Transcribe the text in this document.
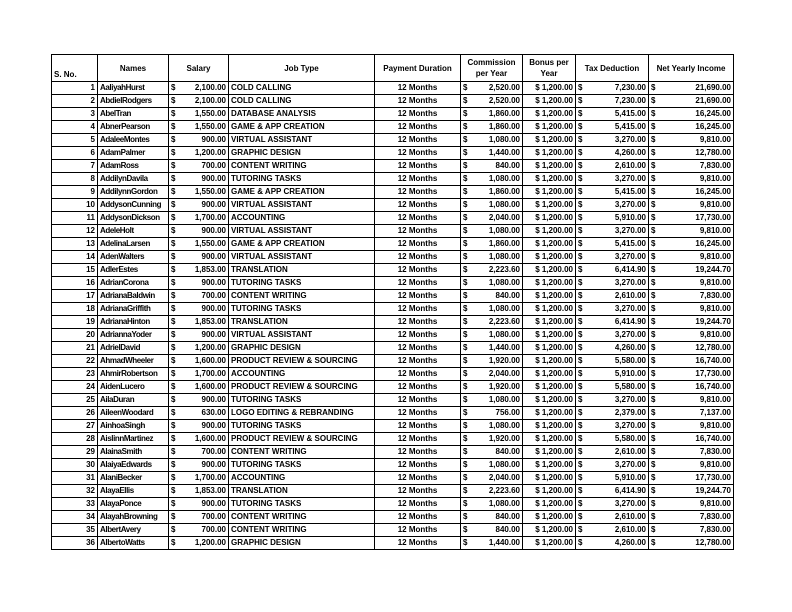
S. No.	Names	Salary	Job Type	Payment Duration	Commission per Year	Bonus per Year	Tax Deduction	Net Yearly Income
1	AaliyahHurst	$ 2,100.00	COLD CALLING	12 Months	$ 2,520.00	$ 1,200.00	$ 7,230.00	$ 21,690.00

2	AbdielRodgers	$ 2,100.00	COLD CALLING	12 Months	$ 2,520.00	$ 1,200.00	$ 7,230.00	$ 21,690.00

3	AbelTran	$ 1,550.00	DATABASE ANALYSIS	12 Months	$ 1,860.00	$ 1,200.00	$ 5,415.00	$ 16,245.00

4	AbnerPearson	$ 1,550.00	GAME & APP CREATION	12 Months	$ 1,860.00	$ 1,200.00	$ 5,415.00	$ 16,245.00

5	AdaleeMontes	$ 900.00	VIRTUAL ASSISTANT	12 Months	$ 1,080.00	$ 1,200.00	$ 3,270.00	$ 9,810.00

6	AdamPalmer	$ 1,200.00	GRAPHIC DESIGN	12 Months	$ 1,440.00	$ 1,200.00	$ 4,260.00	$ 12,780.00

7	AdamRoss	$ 700.00	CONTENT WRITING	12 Months	$ 840.00	$ 1,200.00	$ 2,610.00	$ 7,830.00

8	AddilynDavila	$ 900.00	TUTORING TASKS	12 Months	$ 1,080.00	$ 1,200.00	$ 3,270.00	$ 9,810.00

9	AddilynnGordon	$ 1,550.00	GAME & APP CREATION	12 Months	$ 1,860.00	$ 1,200.00	$ 5,415.00	$ 16,245.00

10	AddysonCunning	$ 900.00	VIRTUAL ASSISTANT	12 Months	$ 1,080.00	$ 1,200.00	$ 3,270.00	$ 9,810.00

11	AddysonDickson	$ 1,700.00	ACCOUNTING	12 Months	$ 2,040.00	$ 1,200.00	$ 5,910.00	$ 17,730.00

12	AdeleHolt	$ 900.00	VIRTUAL ASSISTANT	12 Months	$ 1,080.00	$ 1,200.00	$ 3,270.00	$ 9,810.00

13	AdelinaLarsen	$ 1,550.00	GAME & APP CREATION	12 Months	$ 1,860.00	$ 1,200.00	$ 5,415.00	$ 16,245.00

14	AdenWalters	$ 900.00	VIRTUAL ASSISTANT	12 Months	$ 1,080.00	$ 1,200.00	$ 3,270.00	$ 9,810.00

15	AdlerEstes	$ 1,853.00	TRANSLATION	12 Months	$ 2,223.60	$ 1,200.00	$ 6,414.90	$ 19,244.70

16	AdrianCorona	$ 900.00	TUTORING TASKS	12 Months	$ 1,080.00	$ 1,200.00	$ 3,270.00	$ 9,810.00

17	AdrianaBaldwin	$ 700.00	CONTENT WRITING	12 Months	$ 840.00	$ 1,200.00	$ 2,610.00	$ 7,830.00

18	AdrianaGriffith	$ 900.00	TUTORING TASKS	12 Months	$ 1,080.00	$ 1,200.00	$ 3,270.00	$ 9,810.00

19	AdrianaHinton	$ 1,853.00	TRANSLATION	12 Months	$ 2,223.60	$ 1,200.00	$ 6,414.90	$ 19,244.70

20	AdriannaYoder	$ 900.00	VIRTUAL ASSISTANT	12 Months	$ 1,080.00	$ 1,200.00	$ 3,270.00	$ 9,810.00

21	AdrielDavid	$ 1,200.00	GRAPHIC DESIGN	12 Months	$ 1,440.00	$ 1,200.00	$ 4,260.00	$ 12,780.00

22	AhmadWheeler	$ 1,600.00	PRODUCT REVIEW & SOURCING	12 Months	$ 1,920.00	$ 1,200.00	$ 5,580.00	$ 16,740.00

23	AhmirRobertson	$ 1,700.00	ACCOUNTING	12 Months	$ 2,040.00	$ 1,200.00	$ 5,910.00	$ 17,730.00

24	AidenLucero	$ 1,600.00	PRODUCT REVIEW & SOURCING	12 Months	$ 1,920.00	$ 1,200.00	$ 5,580.00	$ 16,740.00

25	AilaDuran	$ 900.00	TUTORING TASKS	12 Months	$ 1,080.00	$ 1,200.00	$ 3,270.00	$ 9,810.00

26	AileenWoodard	$ 630.00	LOGO EDITING & REBRANDING	12 Months	$ 756.00	$ 1,200.00	$ 2,379.00	$ 7,137.00

27	AinhoaSingh	$ 900.00	TUTORING TASKS	12 Months	$ 1,080.00	$ 1,200.00	$ 3,270.00	$ 9,810.00

28	AislinnMartinez	$ 1,600.00	PRODUCT REVIEW & SOURCING	12 Months	$ 1,920.00	$ 1,200.00	$ 5,580.00	$ 16,740.00

29	AlainaSmith	$ 700.00	CONTENT WRITING	12 Months	$ 840.00	$ 1,200.00	$ 2,610.00	$ 7,830.00

30	AlaiyaEdwards	$ 900.00	TUTORING TASKS	12 Months	$ 1,080.00	$ 1,200.00	$ 3,270.00	$ 9,810.00

31	AlaniBecker	$ 1,700.00	ACCOUNTING	12 Months	$ 2,040.00	$ 1,200.00	$ 5,910.00	$ 17,730.00

32	AlayaEllis	$ 1,853.00	TRANSLATION	12 Months	$ 2,223.60	$ 1,200.00	$ 6,414.90	$ 19,244.70

33	AlayaPonce	$ 900.00	TUTORING TASKS	12 Months	$ 1,080.00	$ 1,200.00	$ 3,270.00	$ 9,810.00

34	AlayahBrowning	$ 700.00	CONTENT WRITING	12 Months	$ 840.00	$ 1,200.00	$ 2,610.00	$ 7,830.00

35	AlbertAvery	$ 700.00	CONTENT WRITING	12 Months	$ 840.00	$ 1,200.00	$ 2,610.00	$ 7,830.00

36	AlbertoWatts	$ 1,200.00	GRAPHIC DESIGN	12 Months	$ 1,440.00	$ 1,200.00	$ 4,260.00	$ 12,780.00
